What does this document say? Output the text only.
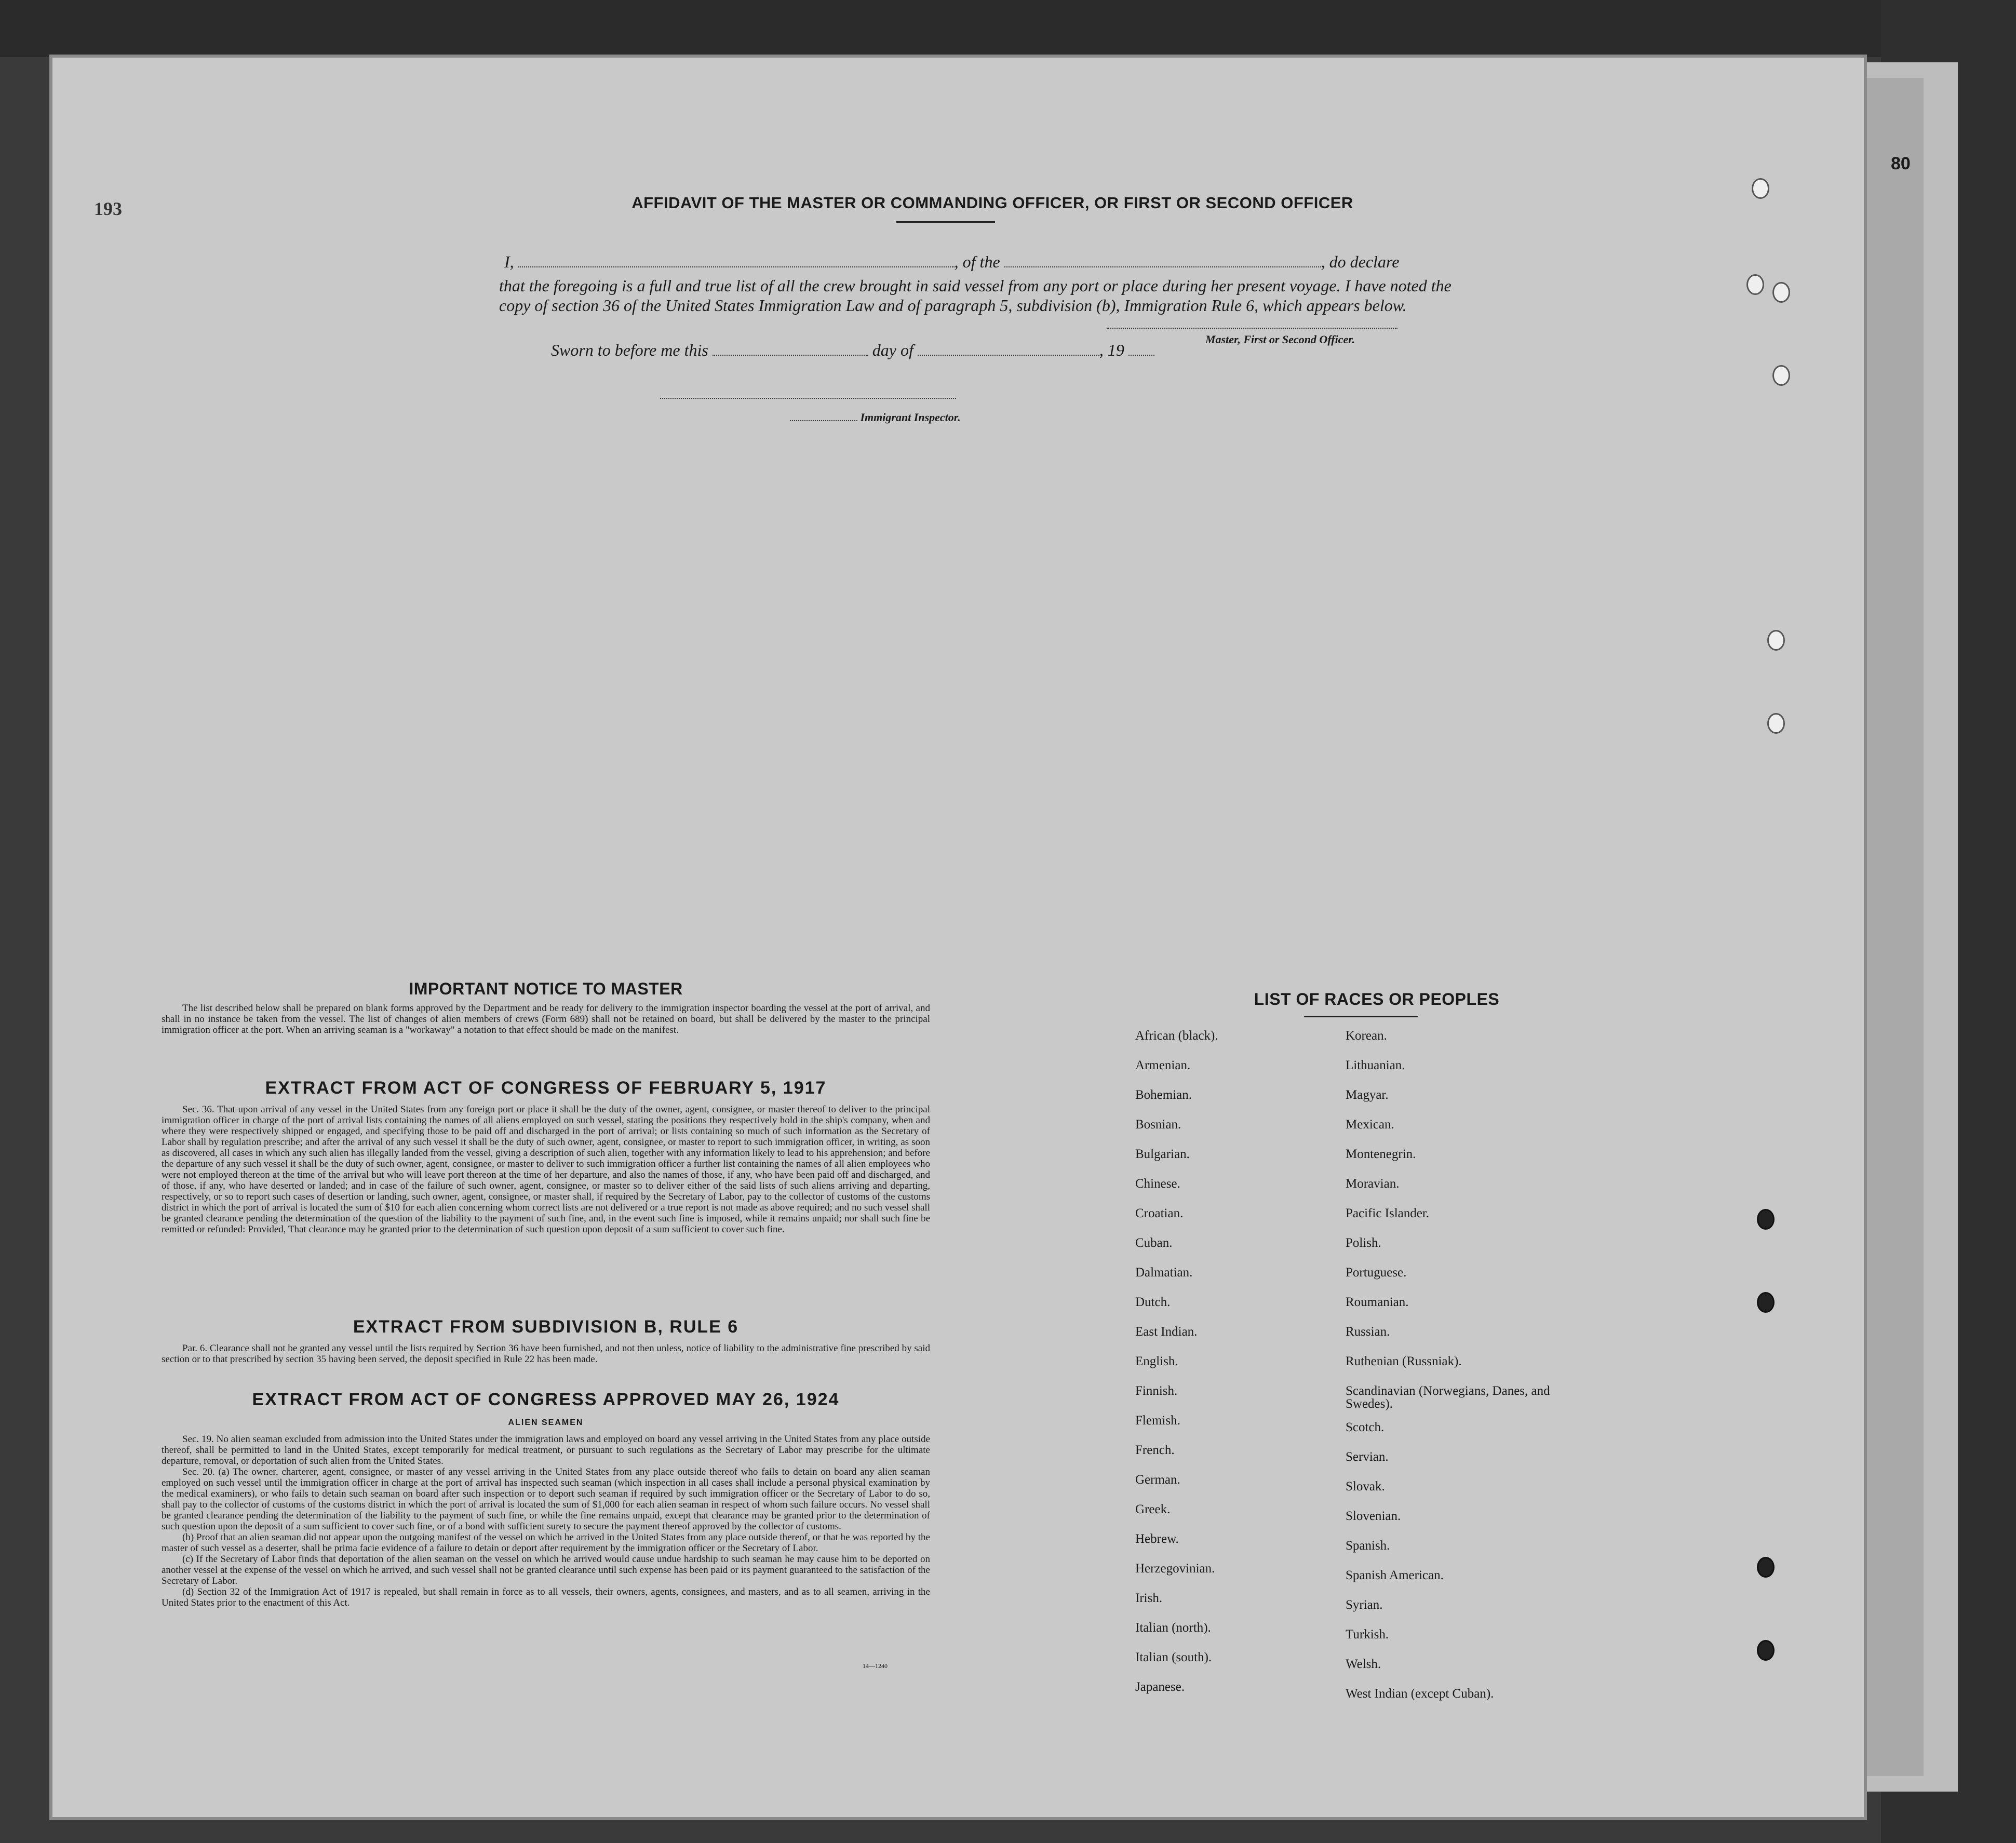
193
80
AFFIDAVIT OF THE MASTER OR COMMANDING OFFICER, OR FIRST OR SECOND OFFICER
I,	, of the	, do declare
that the foregoing is a full and true list of all the crew brought in said vessel from any port or place during her present voyage. I have noted the copy of section 36 of the United States Immigration Law and of paragraph 5, subdivision (b), Immigration Rule 6, which appears below.
Master, First or Second Officer.
Sworn to before me this	day of	, 19
Immigrant Inspector.
IMPORTANT NOTICE TO MASTER

The list described below shall be prepared on blank forms approved by the Department and be ready for delivery to the immigration inspector boarding the vessel at the port of arrival, and shall in no instance be taken from the vessel. The list of changes of alien members of crews (Form 689) shall not be retained on board, but shall be delivered by the master to the principal immigration officer at the port. When an arriving seaman is a "workaway" a notation to that effect should be made on the manifest.

EXTRACT FROM ACT OF CONGRESS OF FEBRUARY 5, 1917

Sec. 36. That upon arrival of any vessel in the United States from any foreign port or place it shall be the duty of the owner, agent, consignee, or master thereof to deliver to the principal immigration officer in charge of the port of arrival lists containing the names of all aliens employed on such vessel, stating the positions they respectively hold in the ship's company, when and where they were respectively shipped or engaged, and specifying those to be paid off and discharged in the port of arrival; or lists containing so much of such information as the Secretary of Labor shall by regulation prescribe; and after the arrival of any such vessel it shall be the duty of such owner, agent, consignee, or master to report to such immigration officer, in writing, as soon as discovered, all cases in which any such alien has illegally landed from the vessel, giving a description of such alien, together with any information likely to lead to his apprehension; and before the departure of any such vessel it shall be the duty of such owner, agent, consignee, or master to deliver to such immigration officer a further list containing the names of all alien employees who were not employed thereon at the time of the arrival but who will leave port thereon at the time of her departure, and also the names of those, if any, who have been paid off and discharged, and of those, if any, who have deserted or landed; and in case of the failure of such owner, agent, consignee, or master so to deliver either of the said lists of such aliens arriving and departing, respectively, or so to report such cases of desertion or landing, such owner, agent, consignee, or master shall, if required by the Secretary of Labor, pay to the collector of customs of the customs district in which the port of arrival is located the sum of $10 for each alien concerning whom correct lists are not delivered or a true report is not made as above required; and no such vessel shall be granted clearance pending the determination of the question of the liability to the payment of such fine, and, in the event such fine is imposed, while it remains unpaid; nor shall such fine be remitted or refunded: Provided, That clearance may be granted prior to the determination of such question upon deposit of a sum sufficient to cover such fine.

EXTRACT FROM SUBDIVISION B, RULE 6

Par. 6. Clearance shall not be granted any vessel until the lists required by Section 36 have been furnished, and not then unless, notice of liability to the administrative fine prescribed by said section or to that prescribed by section 35 having been served, the deposit specified in Rule 22 has been made.

EXTRACT FROM ACT OF CONGRESS APPROVED MAY 26, 1924
ALIEN SEAMEN

Sec. 19. No alien seaman excluded from admission into the United States under the immigration laws and employed on board any vessel arriving in the United States from any place outside thereof, shall be permitted to land in the United States, except temporarily for medical treatment, or pursuant to such regulations as the Secretary of Labor may prescribe for the ultimate departure, removal, or deportation of such alien from the United States.

Sec. 20. (a) The owner, charterer, agent, consignee, or master of any vessel arriving in the United States from any place outside thereof who fails to detain on board any alien seaman employed on such vessel until the immigration officer in charge at the port of arrival has inspected such seaman (which inspection in all cases shall include a personal physical examination by the medical examiners), or who fails to detain such seaman on board after such inspection or to deport such seaman if required by such immigration officer or the Secretary of Labor to do so, shall pay to the collector of customs of the customs district in which the port of arrival is located the sum of $1,000 for each alien seaman in respect of whom such failure occurs. No vessel shall be granted clearance pending the determination of the liability to the payment of such fine, or while the fine remains unpaid, except that clearance may be granted prior to the determination of such question upon the deposit of a sum sufficient to cover such fine, or of a bond with sufficient surety to secure the payment thereof approved by the collector of customs.

(b) Proof that an alien seaman did not appear upon the outgoing manifest of the vessel on which he arrived in the United States from any place outside thereof, or that he was reported by the master of such vessel as a deserter, shall be prima facie evidence of a failure to detain or deport after requirement by the immigration officer or the Secretary of Labor.

(c) If the Secretary of Labor finds that deportation of the alien seaman on the vessel on which he arrived would cause undue hardship to such seaman he may cause him to be deported on another vessel at the expense of the vessel on which he arrived, and such vessel shall not be granted clearance until such expense has been paid or its payment guaranteed to the satisfaction of the Secretary of Labor.

(d) Section 32 of the Immigration Act of 1917 is repealed, but shall remain in force as to all vessels, their owners, agents, consignees, and masters, and as to all seamen, arriving in the United States prior to the enactment of this Act.

14—1240
LIST OF RACES OR PEOPLES
African (black).
Armenian.
Bohemian.
Bosnian.
Bulgarian.
Chinese.
Croatian.
Cuban.
Dalmatian.
Dutch.
East Indian.
English.
Finnish.
Flemish.
French.
German.
Greek.
Hebrew.
Herzegovinian.
Irish.
Italian (north).
Italian (south).
Japanese.
Korean.
Lithuanian.
Magyar.
Mexican.
Montenegrin.
Moravian.
Pacific Islander.
Polish.
Portuguese.
Roumanian.
Russian.
Ruthenian (Russniak).
Scandinavian (Norwegians, Danes, and Swedes).
Scotch.
Servian.
Slovak.
Slovenian.
Spanish.
Spanish American.
Syrian.
Turkish.
Welsh.
West Indian (except Cuban).
